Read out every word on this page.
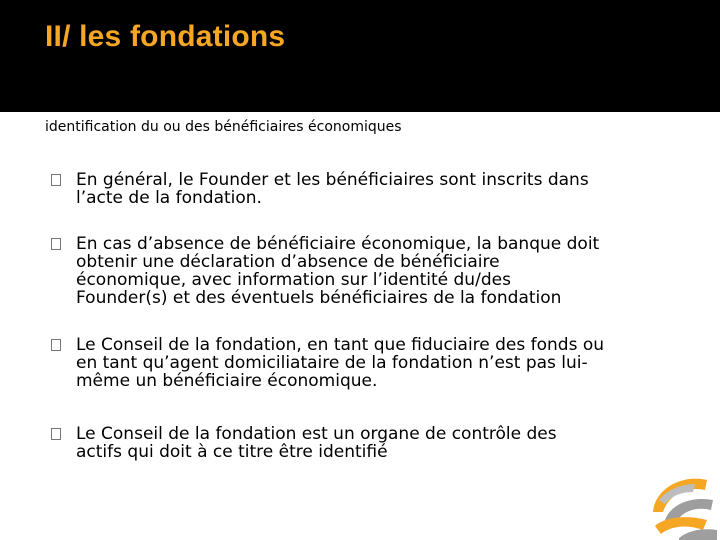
II/ les fondations
identification du ou des bénéficiaires économiques
En général, le Founder et les bénéficiaires sont inscrits dans l’acte de la fondation.
En cas d’absence de bénéficiaire économique, la banque doit obtenir une déclaration d’absence de bénéficiaire économique, avec information sur l’identité du/des Founder(s) et des éventuels bénéficiaires de la fondation
Le Conseil de la fondation, en tant que fiduciaire des fonds ou en tant qu’agent domiciliataire de la fondation n’est pas lui-même un bénéficiaire économique.
Le Conseil de la fondation est un organe de contrôle des actifs qui doit à ce titre être identifié
